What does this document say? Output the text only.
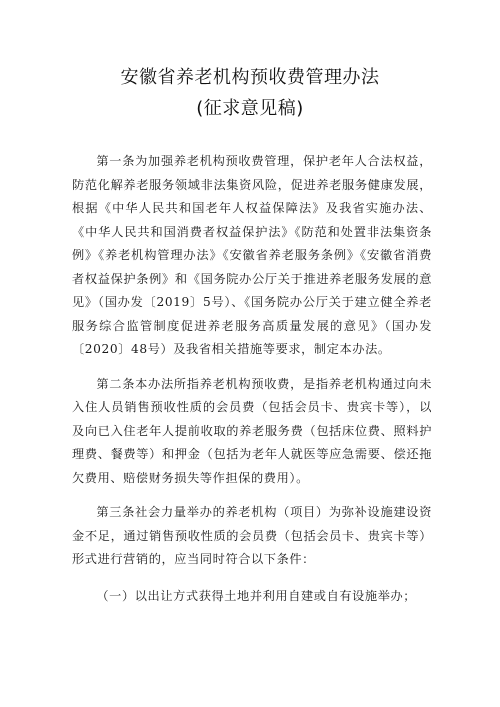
安徽省养老机构预收费管理办法
(征求意见稿)

第一条为加强养老机构预收费管理，保护老年人合法权益，防范化解养老服务领域非法集资风险，促进养老服务健康发展，根据《中华人民共和国老年人权益保障法》及我省实施办法、《中华人民共和国消费者权益保护法》《防范和处置非法集资条例》《养老机构管理办法》《安徽省养老服务条例》《安徽省消费者权益保护条例》和《国务院办公厅关于推进养老服务发展的意见》（国办发〔2019〕5号）、《国务院办公厅关于建立健全养老服务综合监管制度促进养老服务高质量发展的意见》（国办发〔2020〕48号）及我省相关措施等要求，制定本办法。

第二条本办法所指养老机构预收费，是指养老机构通过向未入住人员销售预收性质的会员费（包括会员卡、贵宾卡等），以及向已入住老年人提前收取的养老服务费（包括床位费、照料护理费、餐费等）和押金（包括为老年人就医等应急需要、偿还拖欠费用、赔偿财务损失等作担保的费用）。

第三条社会力量举办的养老机构（项目）为弥补设施建设资金不足，通过销售预收性质的会员费（包括会员卡、贵宾卡等）形式进行营销的，应当同时符合以下条件：

（一）以出让方式获得土地并利用自建或自有设施举办；
